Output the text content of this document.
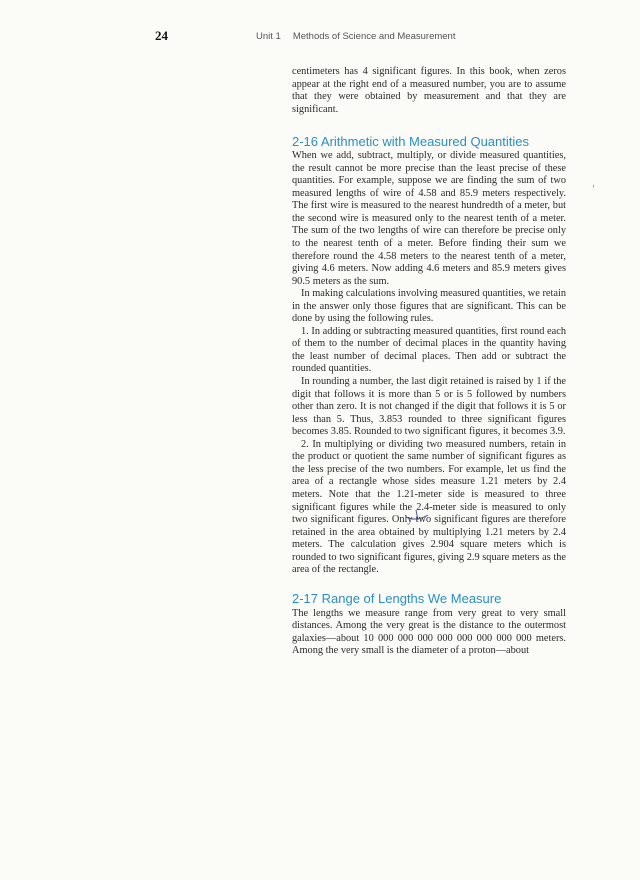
24	Unit 1 Methods of Science and Measurement

centimeters has 4 significant figures. In this book, when zeros appear at the right end of a measured number, you are to assume that they were obtained by measurement and that they are significant.

2-16 Arithmetic with Measured Quantities

When we add, subtract, multiply, or divide measured quantities, the result cannot be more precise than the least precise of these quantities. For example, suppose we are finding the sum of two measured lengths of wire of 4.58 and 85.9 meters respectively. The first wire is measured to the nearest hundredth of a meter, but the second wire is measured only to the nearest tenth of a meter. The sum of the two lengths of wire can therefore be precise only to the nearest tenth of a meter. Before finding their sum we therefore round the 4.58 meters to the nearest tenth of a meter, giving 4.6 meters. Now adding 4.6 meters and 85.9 meters gives 90.5 meters as the sum.

In making calculations involving measured quantities, we retain in the answer only those figures that are significant. This can be done by using the following rules.

1. In adding or subtracting measured quantities, first round each of them to the number of decimal places in the quantity having the least number of decimal places. Then add or subtract the rounded quantities.

In rounding a number, the last digit retained is raised by 1 if the digit that follows it is more than 5 or is 5 followed by numbers other than zero. It is not changed if the digit that follows it is 5 or less than 5. Thus, 3.853 rounded to three significant figures becomes 3.85. Rounded to two significant figures, it becomes 3.9.

2. In multiplying or dividing two measured numbers, retain in the product or quotient the same number of significant figures as the less precise of the two numbers. For example, let us find the area of a rectangle whose sides measure 1.21 meters by 2.4 meters. Note that the 1.21-meter side is measured to three significant figures while the 2.4-meter side is measured to only two significant figures. Only two significant figures are therefore retained in the area obtained by multiplying 1.21 meters by 2.4 meters. The calculation gives 2.904 square meters which is rounded to two significant figures, giving 2.9 square meters as the area of the rectangle.

2-17 Range of Lengths We Measure

The lengths we measure range from very great to very small distances. Among the very great is the distance to the outermost galaxies—about 10 000 000 000 000 000 000 000 000 meters. Among the very small is the diameter of a proton—about

‘
